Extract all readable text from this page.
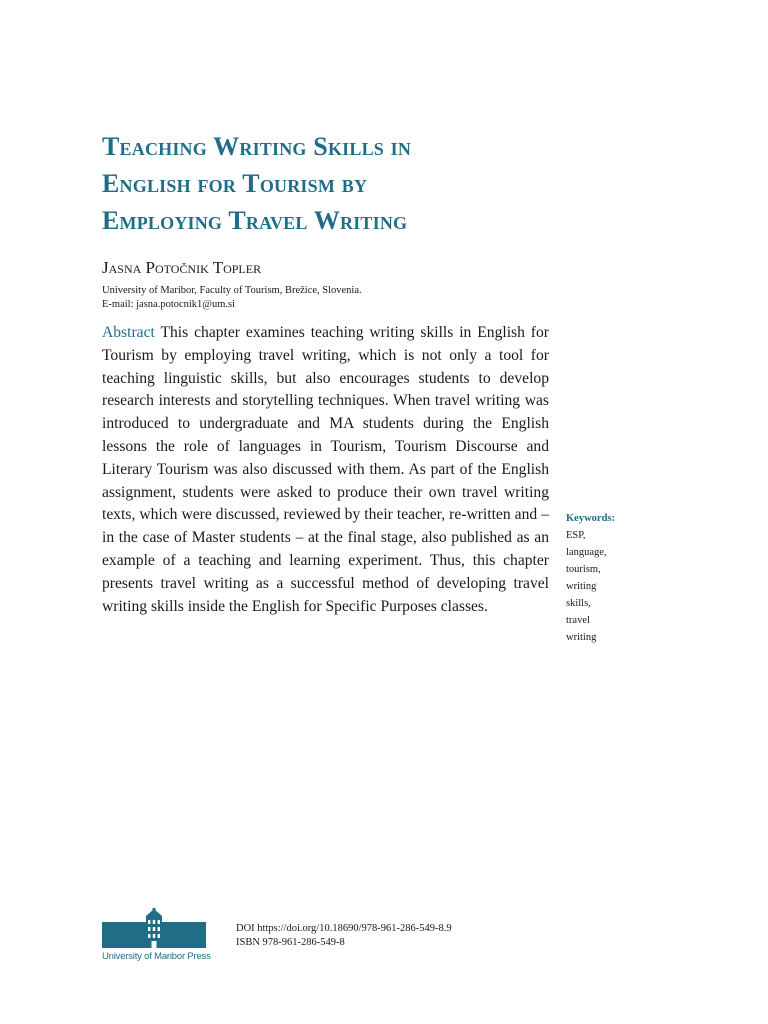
Teaching Writing Skills in
English for Tourism by
Employing Travel Writing
Jasna Potočnik Topler
University of Maribor, Faculty of Tourism, Brežice, Slovenia.
E-mail: jasna.potocnik1@um.si
Abstract This chapter examines teaching writing skills in English for Tourism by employing travel writing, which is not only a tool for teaching linguistic skills, but also encourages students to develop research interests and storytelling techniques. When travel writing was introduced to undergraduate and MA students during the English lessons the role of languages in Tourism, Tourism Discourse and Literary Tourism was also discussed with them. As part of the English assignment, students were asked to produce their own travel writing texts, which were discussed, reviewed by their teacher, re-written and – in the case of Master students – at the final stage, also published as an example of a teaching and learning experiment. Thus, this chapter presents travel writing as a successful method of developing travel writing skills inside the English for Specific Purposes classes.
Keywords:
ESP,
language,
tourism,
writing
skills,
travel
writing
University of Maribor Press
DOI https://doi.org/10.18690/978-961-286-549-8.9
ISBN 978-961-286-549-8
